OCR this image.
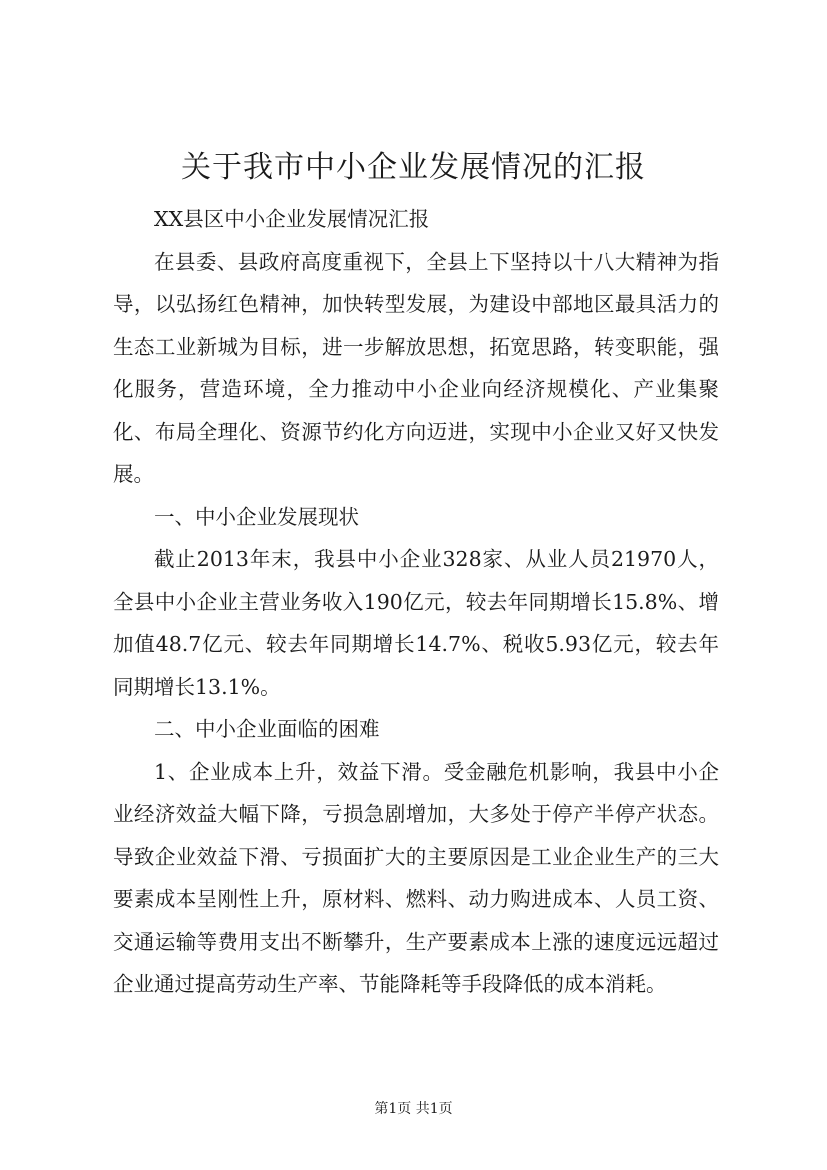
关于我市中小企业发展情况的汇报

XX县区中小企业发展情况汇报

在县委、县政府高度重视下，全县上下坚持以十八大精神为指导，以弘扬红色精神，加快转型发展，为建设中部地区最具活力的生态工业新城为目标，进一步解放思想，拓宽思路，转变职能，强化服务，营造环境，全力推动中小企业向经济规模化、产业集聚化、布局全理化、资源节约化方向迈进，实现中小企业又好又快发展。

一、中小企业发展现状

截止2013年末，我县中小企业328家、从业人员21970人，全县中小企业主营业务收入190亿元，较去年同期增长15.8%、增加值48.7亿元、较去年同期增长14.7%、税收5.93亿元，较去年同期增长13.1%。

二、中小企业面临的困难

1、企业成本上升，效益下滑。受金融危机影响，我县中小企业经济效益大幅下降，亏损急剧增加，大多处于停产半停产状态。导致企业效益下滑、亏损面扩大的主要原因是工业企业生产的三大要素成本呈刚性上升，原材料、燃料、动力购进成本、人员工资、交通运输等费用支出不断攀升，生产要素成本上涨的速度远远超过企业通过提高劳动生产率、节能降耗等手段降低的成本消耗。

第1页 共1页
